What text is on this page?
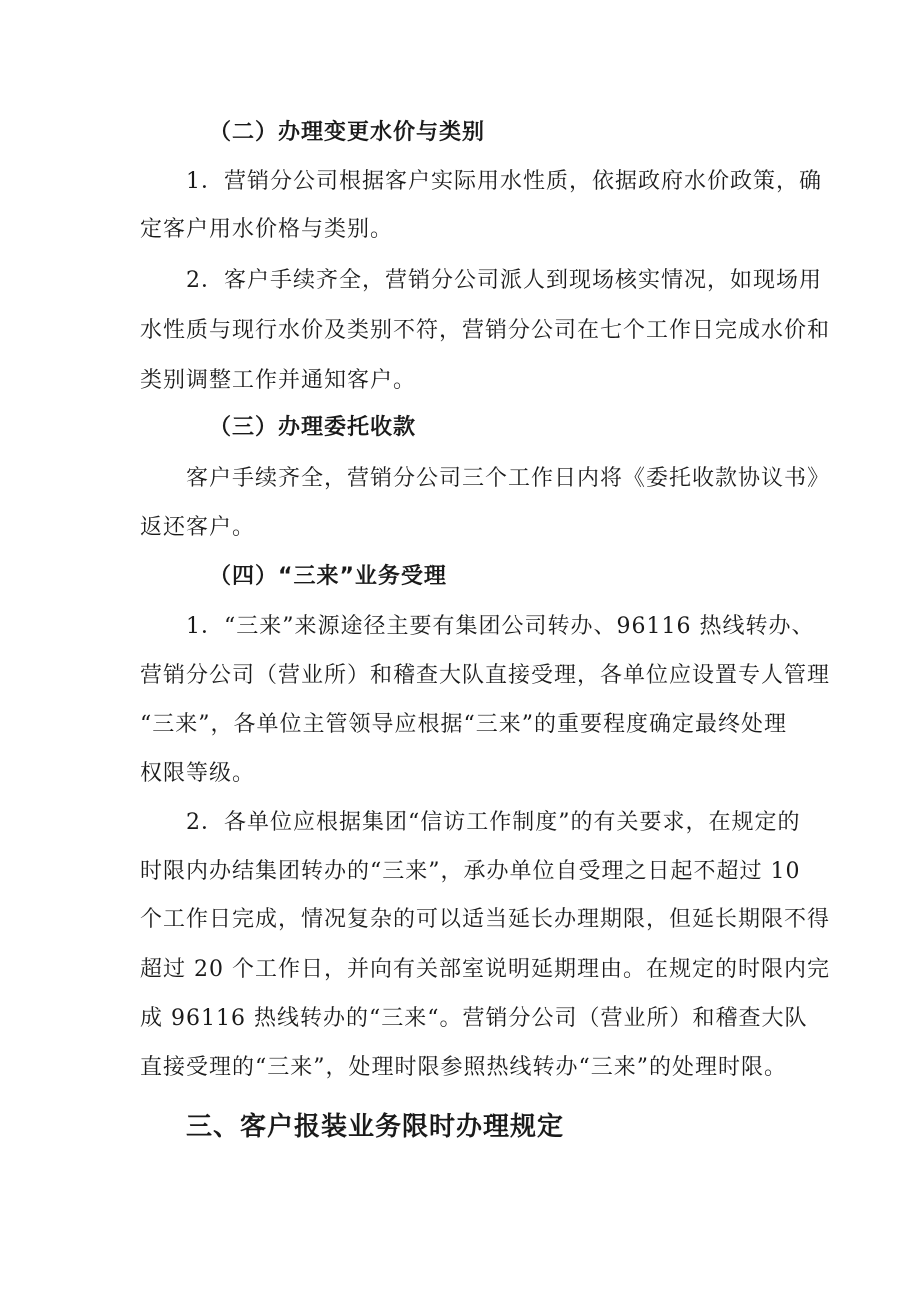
（二）办理变更水价与类别

1．营销分公司根据客户实际用水性质，依据政府水价政策，确

定客户用水价格与类别。

2．客户手续齐全，营销分公司派人到现场核实情况，如现场用

水性质与现行水价及类别不符，营销分公司在七个工作日完成水价和

类别调整工作并通知客户。

（三）办理委托收款

客户手续齐全，营销分公司三个工作日内将《委托收款协议书》

返还客户。

（四）“三来”业务受理

1．“三来”来源途径主要有集团公司转办、96116 热线转办、

营销分公司（营业所）和稽查大队直接受理，各单位应设置专人管理

“三来”，各单位主管领导应根据“三来”的重要程度确定最终处理

权限等级。

2．各单位应根据集团“信访工作制度”的有关要求，在规定的

时限内办结集团转办的“三来”，承办单位自受理之日起不超过 10

个工作日完成，情况复杂的可以适当延长办理期限，但延长期限不得

超过 20 个工作日，并向有关部室说明延期理由。在规定的时限内完

成 96116 热线转办的“三来“。营销分公司（营业所）和稽查大队

直接受理的“三来”，处理时限参照热线转办“三来”的处理时限。

三、客户报装业务限时办理规定
